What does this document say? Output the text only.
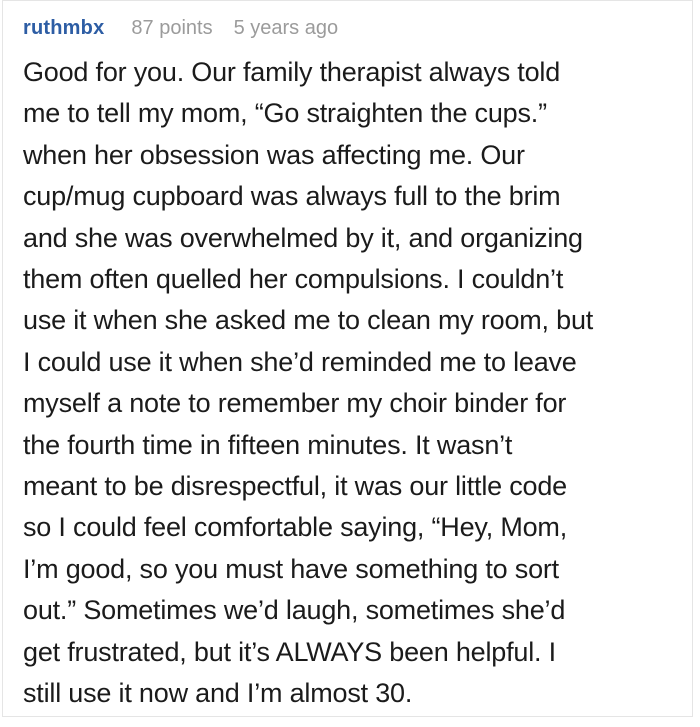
ruthmbx 87 points 5 years ago
Good for you. Our family therapist always told
me to tell my mom, “Go straighten the cups.”
when her obsession was affecting me. Our
cup/mug cupboard was always full to the brim
and she was overwhelmed by it, and organizing
them often quelled her compulsions. I couldn’t
use it when she asked me to clean my room, but
I could use it when she’d reminded me to leave
myself a note to remember my choir binder for
the fourth time in fifteen minutes. It wasn’t
meant to be disrespectful, it was our little code
so I could feel comfortable saying, “Hey, Mom,
I’m good, so you must have something to sort
out.” Sometimes we’d laugh, sometimes she’d
get frustrated, but it’s ALWAYS been helpful. I
still use it now and I’m almost 30.
